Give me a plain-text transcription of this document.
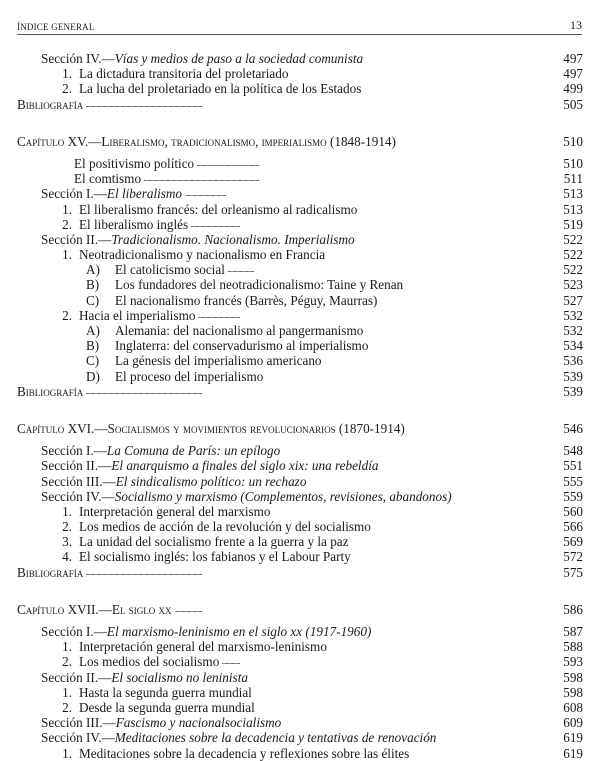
ÍNDICE GENERAL	13
Sección IV.—Vías y medios de paso a la sociedad comunista . . .	497
1. La dictadura transitoria del proletariado . . .	497
2. La lucha del proletariado en la política de los Estados . . .	499
Bibliografía . . .	505
Capítulo XV.—Liberalismo, tradicionalismo, imperialismo (1848-1914) . . .	510
El positivismo político . . .	510
El comtismo . . .	511
Sección I.—El liberalismo . . .	513
1. El liberalismo francés: del orleanismo al radicalismo . . .	513
2. El liberalismo inglés . . .	519
Sección II.—Tradicionalismo. Nacionalismo. Imperialismo . . .	522
1. Neotradicionalismo y nacionalismo en Francia . . .	522
A) El catolicismo social . . .	522
B) Los fundadores del neotradicionalismo: Taine y Renan . . .	523
C) El nacionalismo francés (Barrès, Péguy, Maurras) . . .	527
2. Hacia el imperialismo . . .	532
A) Alemania: del nacionalismo al pangermanismo . . .	532
B) Inglaterra: del conservadurismo al imperialismo . . .	534
C) La génesis del imperialismo americano . . .	536
D) El proceso del imperialismo . . .	539
Bibliografía . . .	539
Capítulo XVI.—Socialismos y movimientos revolucionarios (1870-1914) . . .	546
Sección I.—La Comuna de París: un epílogo . . .	548
Sección II.—El anarquismo a finales del siglo xix: una rebeldía . . .	551
Sección III.—El sindicalismo político: un rechazo . . .	555
Sección IV.—Socialismo y marxismo (Complementos, revisiones, abandonos) . . .	559
1. Interpretación general del marxismo . . .	560
2. Los medios de acción de la revolución y del socialismo . . .	566
3. La unidad del socialismo frente a la guerra y la paz . . .	569
4. El socialismo inglés: los fabianos y el Labour Party . . .	572
Bibliografía . . .	575
Capítulo XVII.—El siglo xx . . .	586
Sección I.—El marxismo-leninismo en el siglo xx (1917-1960) . . .	587
1. Interpretación general del marxismo-leninismo . . .	588
2. Los medios del socialismo . . .	593
Sección II.—El socialismo no leninista . . .	598
1. Hasta la segunda guerra mundial . . .	598
2. Desde la segunda guerra mundial . . .	608
Sección III.—Fascismo y nacionalsocialismo . . .	609
Sección IV.—Meditaciones sobre la decadencia y tentativas de renovación . . .	619
1. Meditaciones sobre la decadencia y reflexiones sobre las élites . . .	619
